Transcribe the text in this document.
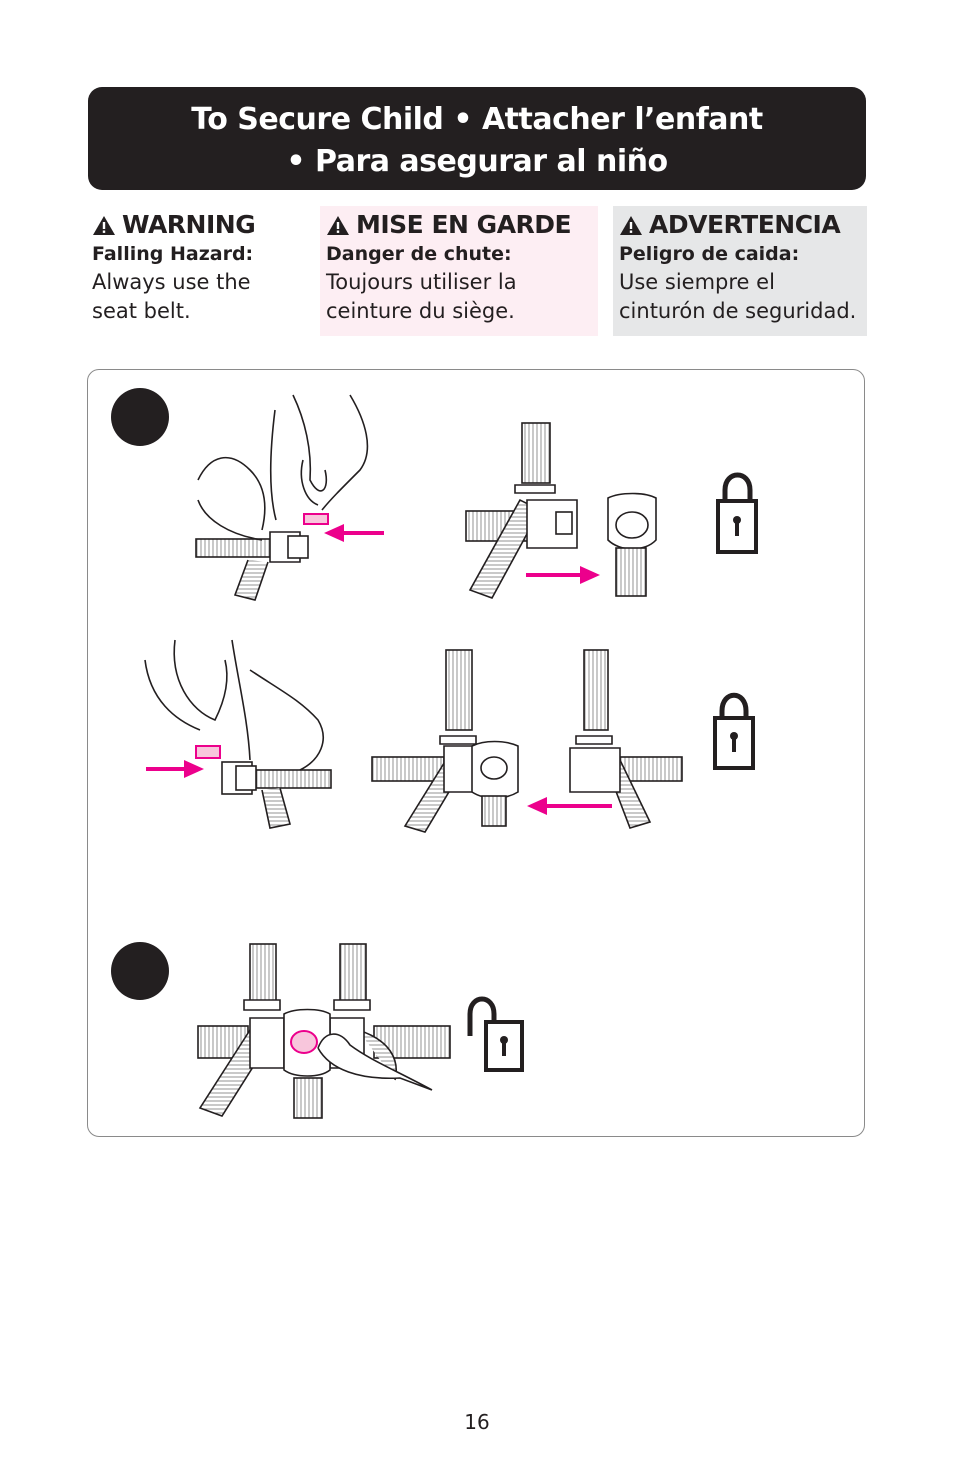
To Secure Child • Attacher l’enfant
• Para asegurar al niño
WARNING
Falling Hazard:
Always use the
seat belt.
MISE EN GARDE
Danger de chute:
Toujours utiliser la
ceinture du siège.
ADVERTENCIA
Peligro de caida:
Use siempre el
cinturón de seguridad.
16
